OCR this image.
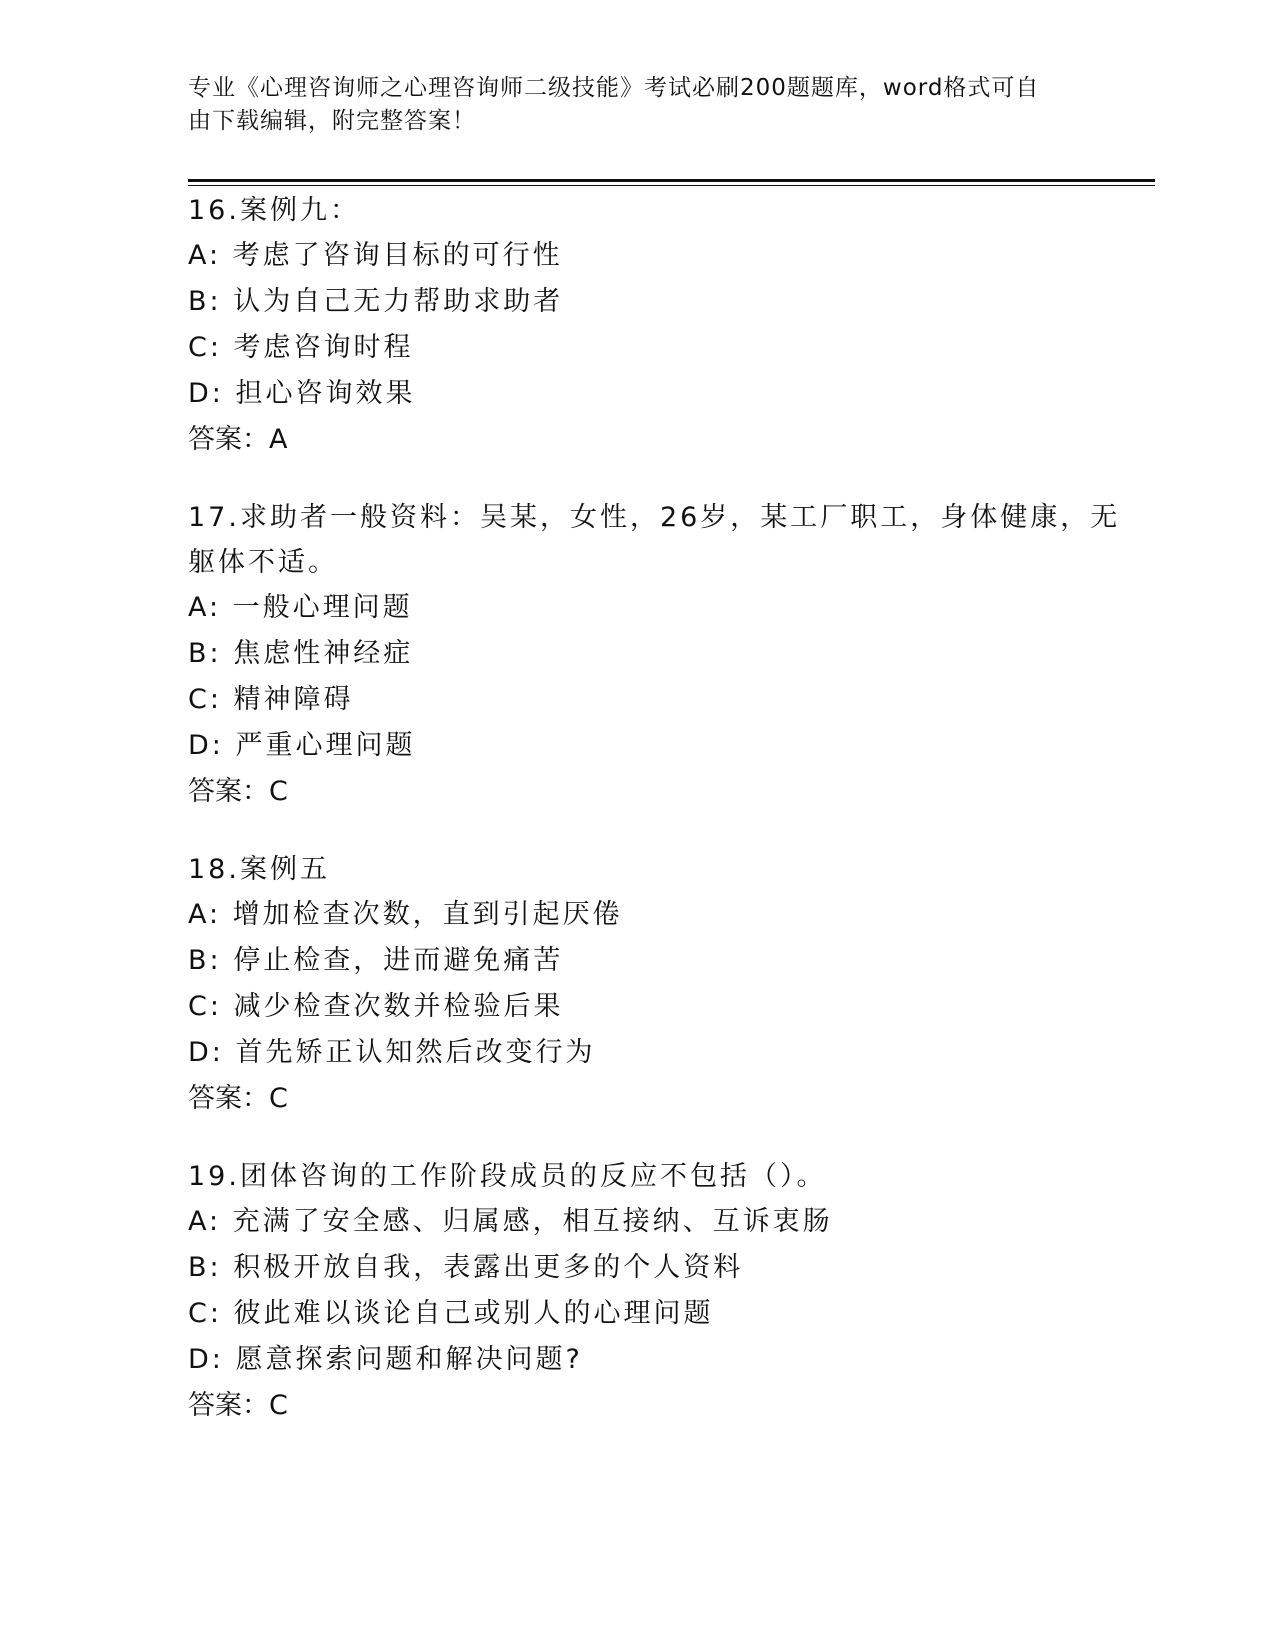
专业《心理咨询师之心理咨询师二级技能》考试必刷200题题库，word格式可自
由下载编辑，附完整答案！
16.案例九：
A: 考虑了咨询目标的可行性
B: 认为自己无力帮助求助者
C: 考虑咨询时程
D: 担心咨询效果
答案：A
17.求助者一般资料：吴某，女性，26岁，某工厂职工，身体健康，无
躯体不适。
A: 一般心理问题
B: 焦虑性神经症
C: 精神障碍
D: 严重心理问题
答案：C
18.案例五
A: 增加检查次数，直到引起厌倦
B: 停止检查，进而避免痛苦
C: 减少检查次数并检验后果
D: 首先矫正认知然后改变行为
答案：C
19.团体咨询的工作阶段成员的反应不包括（）。
A: 充满了安全感、归属感，相互接纳、互诉衷肠
B: 积极开放自我，表露出更多的个人资料
C: 彼此难以谈论自己或别人的心理问题
D: 愿意探索问题和解决问题?
答案：C
